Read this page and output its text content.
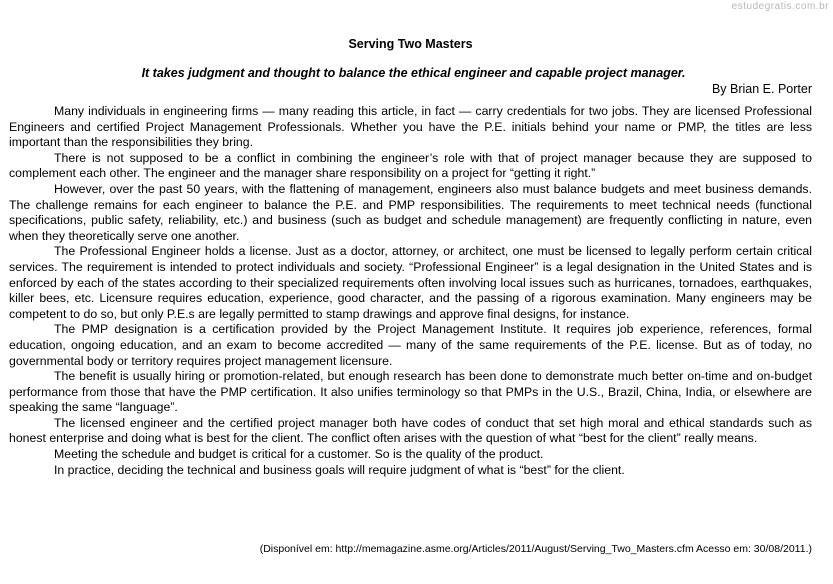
estudegratis.com.br
Serving Two Masters

It takes judgment and thought to balance the ethical engineer and capable project manager.

By Brian E. Porter

Many individuals in engineering firms — many reading this article, in fact — carry credentials for two jobs. They are licensed Professional Engineers and certified Project Management Professionals. Whether you have the P.E. initials behind your name or PMP, the titles are less important than the responsibilities they bring.

There is not supposed to be a conflict in combining the engineer’s role with that of project manager because they are supposed to complement each other. The engineer and the manager share responsibility on a project for “getting it right.”

However, over the past 50 years, with the flattening of management, engineers also must balance budgets and meet business demands. The challenge remains for each engineer to balance the P.E. and PMP responsibilities. The requirements to meet technical needs (functional specifications, public safety, reliability, etc.) and business (such as budget and schedule management) are frequently conflicting in nature, even when they theoretically serve one another.

The Professional Engineer holds a license. Just as a doctor, attorney, or architect, one must be licensed to legally perform certain critical services. The requirement is intended to protect individuals and society. “Professional Engineer” is a legal designation in the United States and is enforced by each of the states according to their specialized requirements often involving local issues such as hurricanes, tornadoes, earthquakes, killer bees, etc. Licensure requires education, experience, good character, and the passing of a rigorous examination. Many engineers may be competent to do so, but only P.E.s are legally permitted to stamp drawings and approve final designs, for instance.

The PMP designation is a certification provided by the Project Management Institute. It requires job experience, references, formal education, ongoing education, and an exam to become accredited — many of the same requirements of the P.E. license. But as of today, no governmental body or territory requires project management licensure.

The benefit is usually hiring or promotion-related, but enough research has been done to demonstrate much better on-time and on-budget performance from those that have the PMP certification. It also unifies terminology so that PMPs in the U.S., Brazil, China, India, or elsewhere are speaking the same “language”.

The licensed engineer and the certified project manager both have codes of conduct that set high moral and ethical standards such as honest enterprise and doing what is best for the client. The conflict often arises with the question of what “best for the client” really means.

Meeting the schedule and budget is critical for a customer. So is the quality of the product.

In practice, deciding the technical and business goals will require judgment of what is “best” for the client.

(Disponível em: http://memagazine.asme.org/Articles/2011/August/Serving_Two_Masters.cfm Acesso em: 30/08/2011.)
